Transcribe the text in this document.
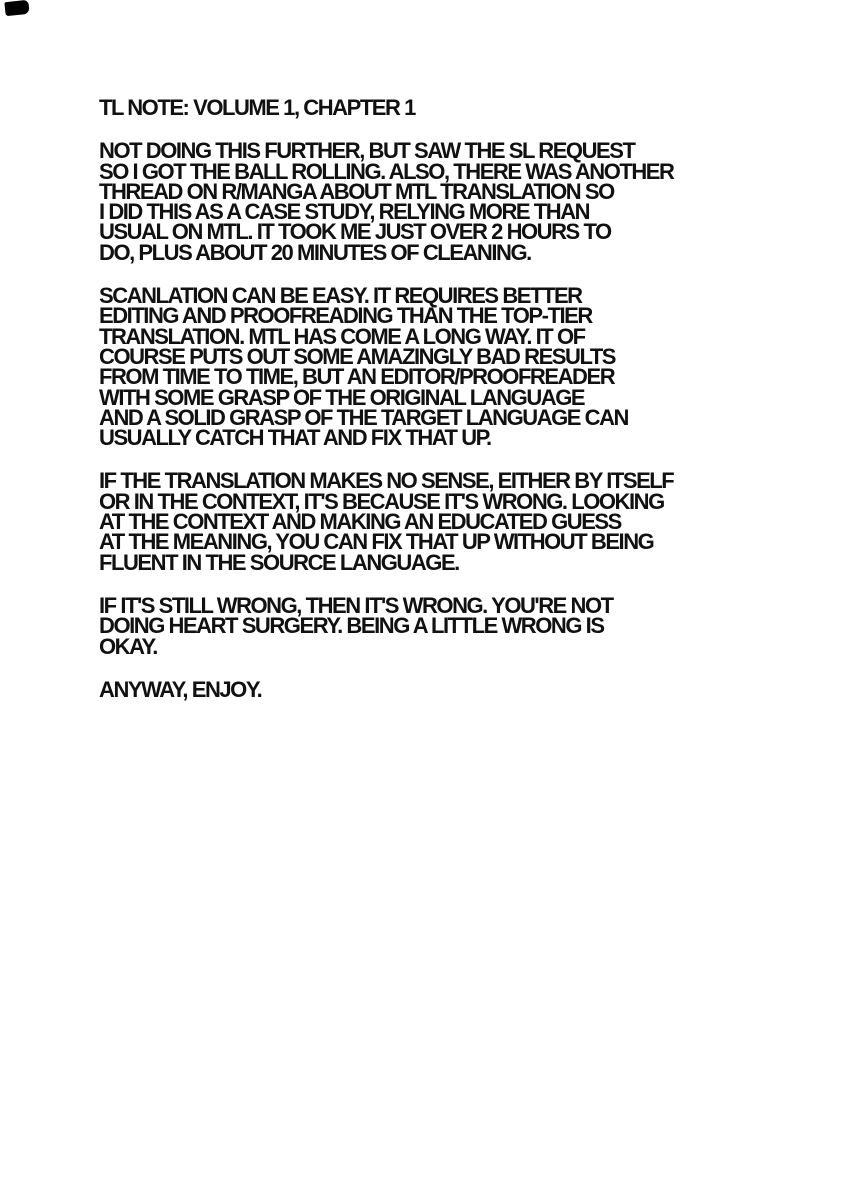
TL NOTE: VOLUME 1, CHAPTER 1
NOT DOING THIS FURTHER, BUT SAW THE SL REQUEST
SO I GOT THE BALL ROLLING. ALSO, THERE WAS ANOTHER
THREAD ON R/MANGA ABOUT MTL TRANSLATION SO
I DID THIS AS A CASE STUDY, RELYING MORE THAN
USUAL ON MTL. IT TOOK ME JUST OVER 2 HOURS TO
DO, PLUS ABOUT 20 MINUTES OF CLEANING.
SCANLATION CAN BE EASY. IT REQUIRES BETTER
EDITING AND PROOFREADING THAN THE TOP-TIER
TRANSLATION. MTL HAS COME A LONG WAY. IT OF
COURSE PUTS OUT SOME AMAZINGLY BAD RESULTS
FROM TIME TO TIME, BUT AN EDITOR/PROOFREADER
WITH SOME GRASP OF THE ORIGINAL LANGUAGE
AND A SOLID GRASP OF THE TARGET LANGUAGE CAN
USUALLY CATCH THAT AND FIX THAT UP.
IF THE TRANSLATION MAKES NO SENSE, EITHER BY ITSELF
OR IN THE CONTEXT, IT'S BECAUSE IT'S WRONG. LOOKING
AT THE CONTEXT AND MAKING AN EDUCATED GUESS
AT THE MEANING, YOU CAN FIX THAT UP WITHOUT BEING
FLUENT IN THE SOURCE LANGUAGE.
IF IT'S STILL WRONG, THEN IT'S WRONG. YOU'RE NOT
DOING HEART SURGERY. BEING A LITTLE WRONG IS
OKAY.
ANYWAY, ENJOY.
